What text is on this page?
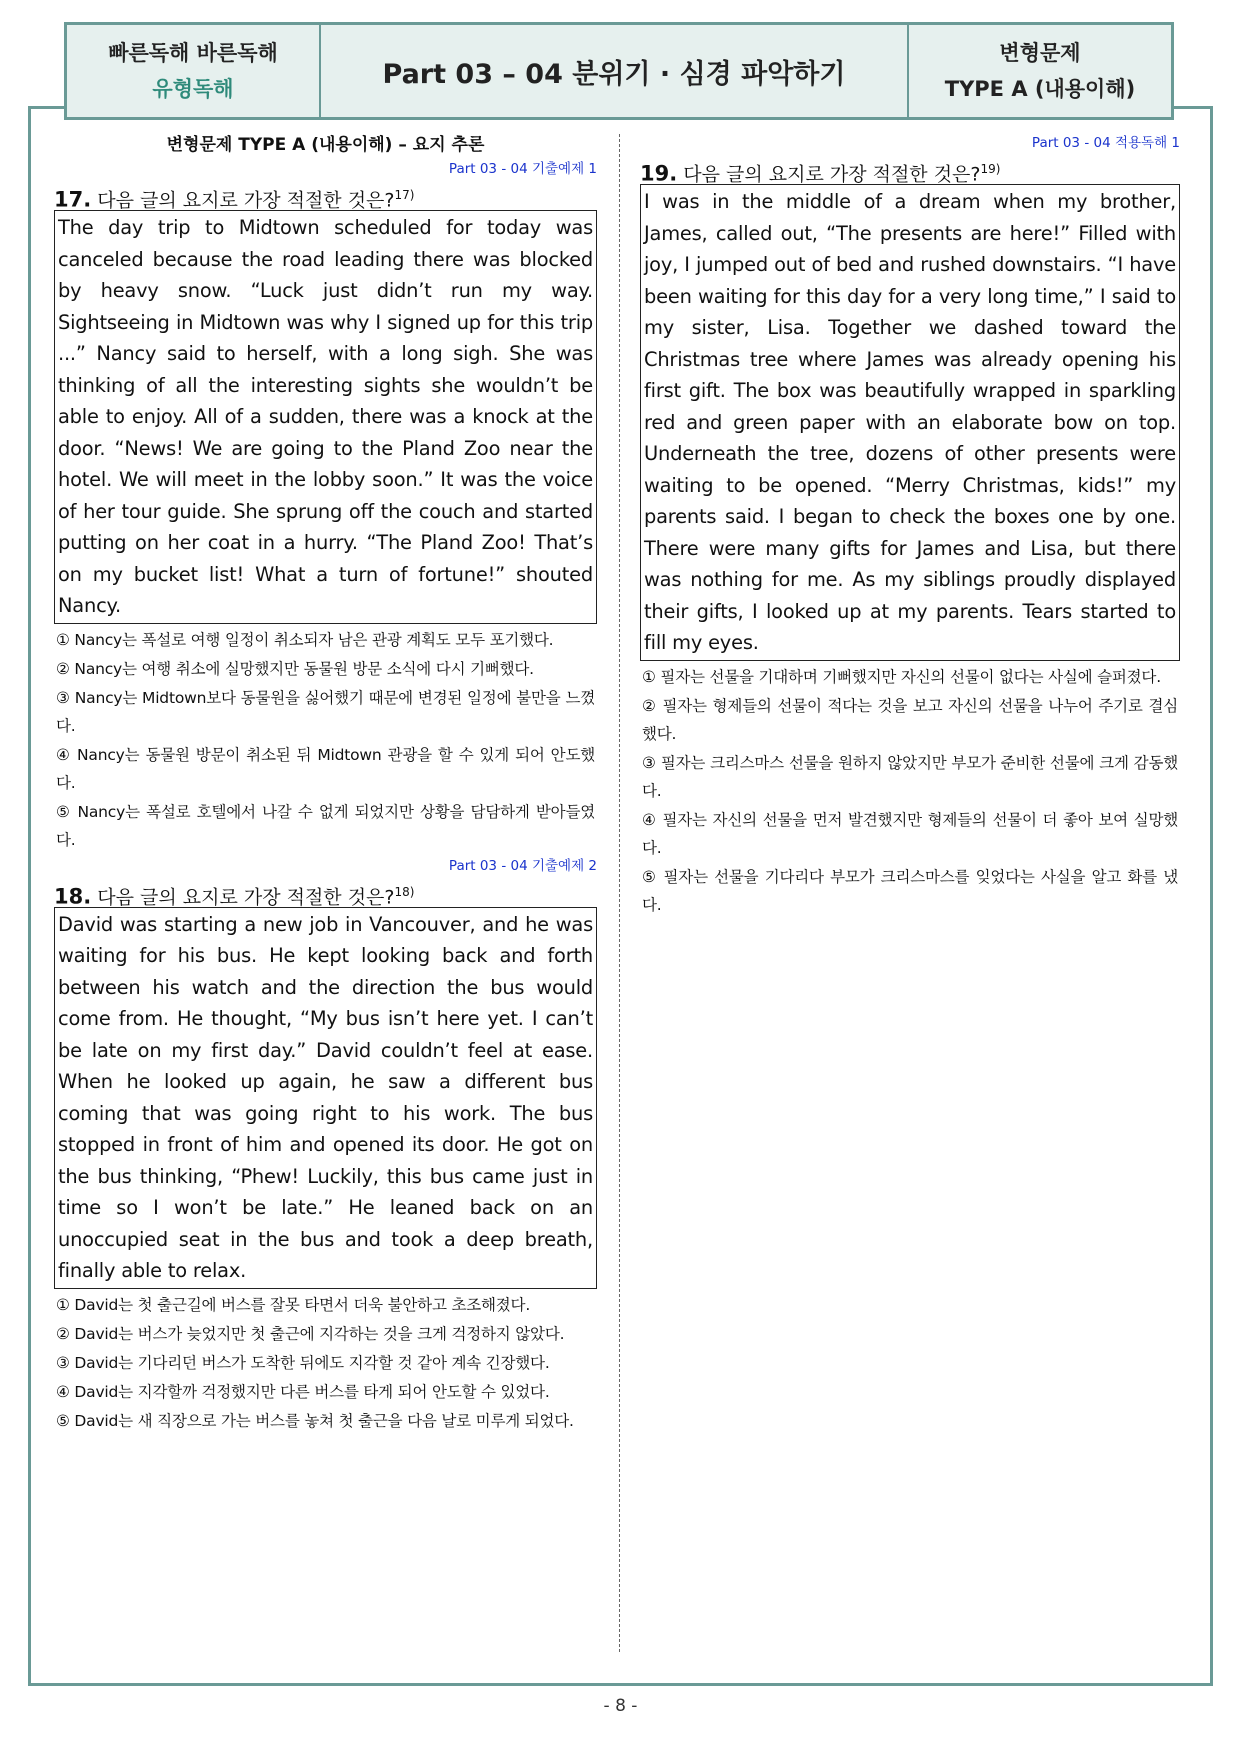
빠른독해 바른독해
유형독해	Part 03 – 04 분위기 · 심경 파악하기
변형문제
TYPE A (내용이해)
변형문제 TYPE A (내용이해) – 요지 추론
Part 03 - 04 기출예제 1
17. 다음 글의 요지로 가장 적절한 것은?$^{17)}$
The day trip to Midtown scheduled for today was canceled because the road leading there was blocked by heavy snow. “Luck just didn’t run my way. Sightseeing in Midtown was why I signed up for this trip ...” Nancy said to herself, with a long sigh. She was thinking of all the interesting sights she wouldn’t be able to enjoy. All of a sudden, there was a knock at the door. “News! We are going to the Pland Zoo near the hotel. We will meet in the lobby soon.” It was the voice of her tour guide. She sprung off the couch and started putting on her coat in a hurry. “The Pland Zoo! That’s on my bucket list! What a turn of fortune!” shouted Nancy.
① Nancy는 폭설로 여행 일정이 취소되자 남은 관광 계획도 모두 포기했다.
② Nancy는 여행 취소에 실망했지만 동물원 방문 소식에 다시 기뻐했다.
③ Nancy는 Midtown보다 동물원을 싫어했기 때문에 변경된 일정에 불만을 느꼈다.
④ Nancy는 동물원 방문이 취소된 뒤 Midtown 관광을 할 수 있게 되어 안도했다.
⑤ Nancy는 폭설로 호텔에서 나갈 수 없게 되었지만 상황을 담담하게 받아들였다.
Part 03 - 04 기출예제 2
18. 다음 글의 요지로 가장 적절한 것은?$^{18)}$
David was starting a new job in Vancouver, and he was waiting for his bus. He kept looking back and forth between his watch and the direction the bus would come from. He thought, “My bus isn’t here yet. I can’t be late on my first day.” David couldn’t feel at ease. When he looked up again, he saw a different bus coming that was going right to his work. The bus stopped in front of him and opened its door. He got on the bus thinking, “Phew! Luckily, this bus came just in time so I won’t be late.” He leaned back on an unoccupied seat in the bus and took a deep breath, finally able to relax.
① David는 첫 출근길에 버스를 잘못 타면서 더욱 불안하고 초조해졌다.
② David는 버스가 늦었지만 첫 출근에 지각하는 것을 크게 걱정하지 않았다.
③ David는 기다리던 버스가 도착한 뒤에도 지각할 것 같아 계속 긴장했다.
④ David는 지각할까 걱정했지만 다른 버스를 타게 되어 안도할 수 있었다.
⑤ David는 새 직장으로 가는 버스를 놓쳐 첫 출근을 다음 날로 미루게 되었다.
Part 03 - 04 적용독해 1
19. 다음 글의 요지로 가장 적절한 것은?$^{19)}$
I was in the middle of a dream when my brother, James, called out, “The presents are here!” Filled with joy, I jumped out of bed and rushed downstairs. “I have been waiting for this day for a very long time,” I said to my sister, Lisa. Together we dashed toward the Christmas tree where James was already opening his first gift. The box was beautifully wrapped in sparkling red and green paper with an elaborate bow on top. Underneath the tree, dozens of other presents were waiting to be opened. “Merry Christmas, kids!” my parents said. I began to check the boxes one by one. There were many gifts for James and Lisa, but there was nothing for me. As my siblings proudly displayed their gifts, I looked up at my parents. Tears started to fill my eyes.
① 필자는 선물을 기대하며 기뻐했지만 자신의 선물이 없다는 사실에 슬퍼졌다.
② 필자는 형제들의 선물이 적다는 것을 보고 자신의 선물을 나누어 주기로 결심했다.
③ 필자는 크리스마스 선물을 원하지 않았지만 부모가 준비한 선물에 크게 감동했다.
④ 필자는 자신의 선물을 먼저 발견했지만 형제들의 선물이 더 좋아 보여 실망했다.
⑤ 필자는 선물을 기다리다 부모가 크리스마스를 잊었다는 사실을 알고 화를 냈다.
- 8 -
